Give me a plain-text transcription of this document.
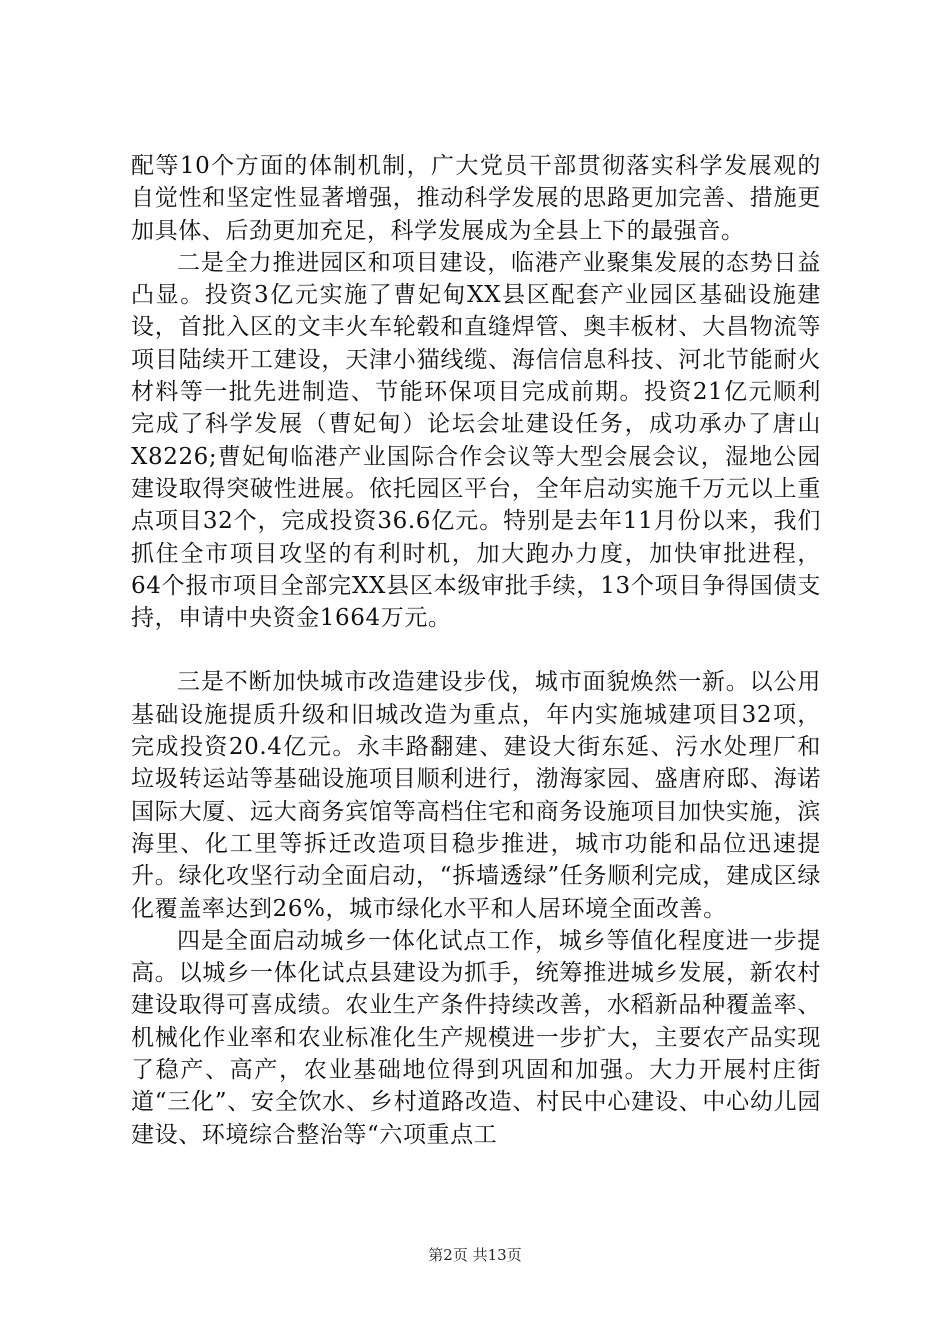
配等10个方面的体制机制，广大党员干部贯彻落实科学发展观的自觉性和坚定性显著增强，推动科学发展的思路更加完善、措施更加具体、后劲更加充足，科学发展成为全县上下的最强音。

二是全力推进园区和项目建设，临港产业聚集发展的态势日益凸显。投资3亿元实施了曹妃甸XX县区配套产业园区基础设施建设，首批入区的文丰火车轮毂和直缝焊管、奥丰板材、大昌物流等项目陆续开工建设，天津小猫线缆、海信信息科技、河北节能耐火材料等一批先进制造、节能环保项目完成前期。投资21亿元顺利完成了科学发展（曹妃甸）论坛会址建设任务，成功承办了唐山X8226;曹妃甸临港产业国际合作会议等大型会展会议，湿地公园建设取得突破性进展。依托园区平台，全年启动实施千万元以上重点项目32个，完成投资36.6亿元。特别是去年11月份以来，我们抓住全市项目攻坚的有利时机，加大跑办力度，加快审批进程，64个报市项目全部完XX县区本级审批手续，13个项目争得国债支持，申请中央资金1664万元。

三是不断加快城市改造建设步伐，城市面貌焕然一新。以公用基础设施提质升级和旧城改造为重点，年内实施城建项目32项，完成投资20.4亿元。永丰路翻建、建设大街东延、污水处理厂和垃圾转运站等基础设施项目顺利进行，渤海家园、盛唐府邸、海诺国际大厦、远大商务宾馆等高档住宅和商务设施项目加快实施，滨海里、化工里等拆迁改造项目稳步推进，城市功能和品位迅速提升。绿化攻坚行动全面启动，“拆墙透绿”任务顺利完成，建成区绿化覆盖率达到26%，城市绿化水平和人居环境全面改善。

四是全面启动城乡一体化试点工作，城乡等值化程度进一步提高。以城乡一体化试点县建设为抓手，统筹推进城乡发展，新农村建设取得可喜成绩。农业生产条件持续改善，水稻新品种覆盖率、机械化作业率和农业标准化生产规模进一步扩大，主要农产品实现了稳产、高产，农业基础地位得到巩固和加强。大力开展村庄街道“三化”、安全饮水、乡村道路改造、村民中心建设、中心幼儿园建设、环境综合整治等“六项重点工

第2页 共13页
